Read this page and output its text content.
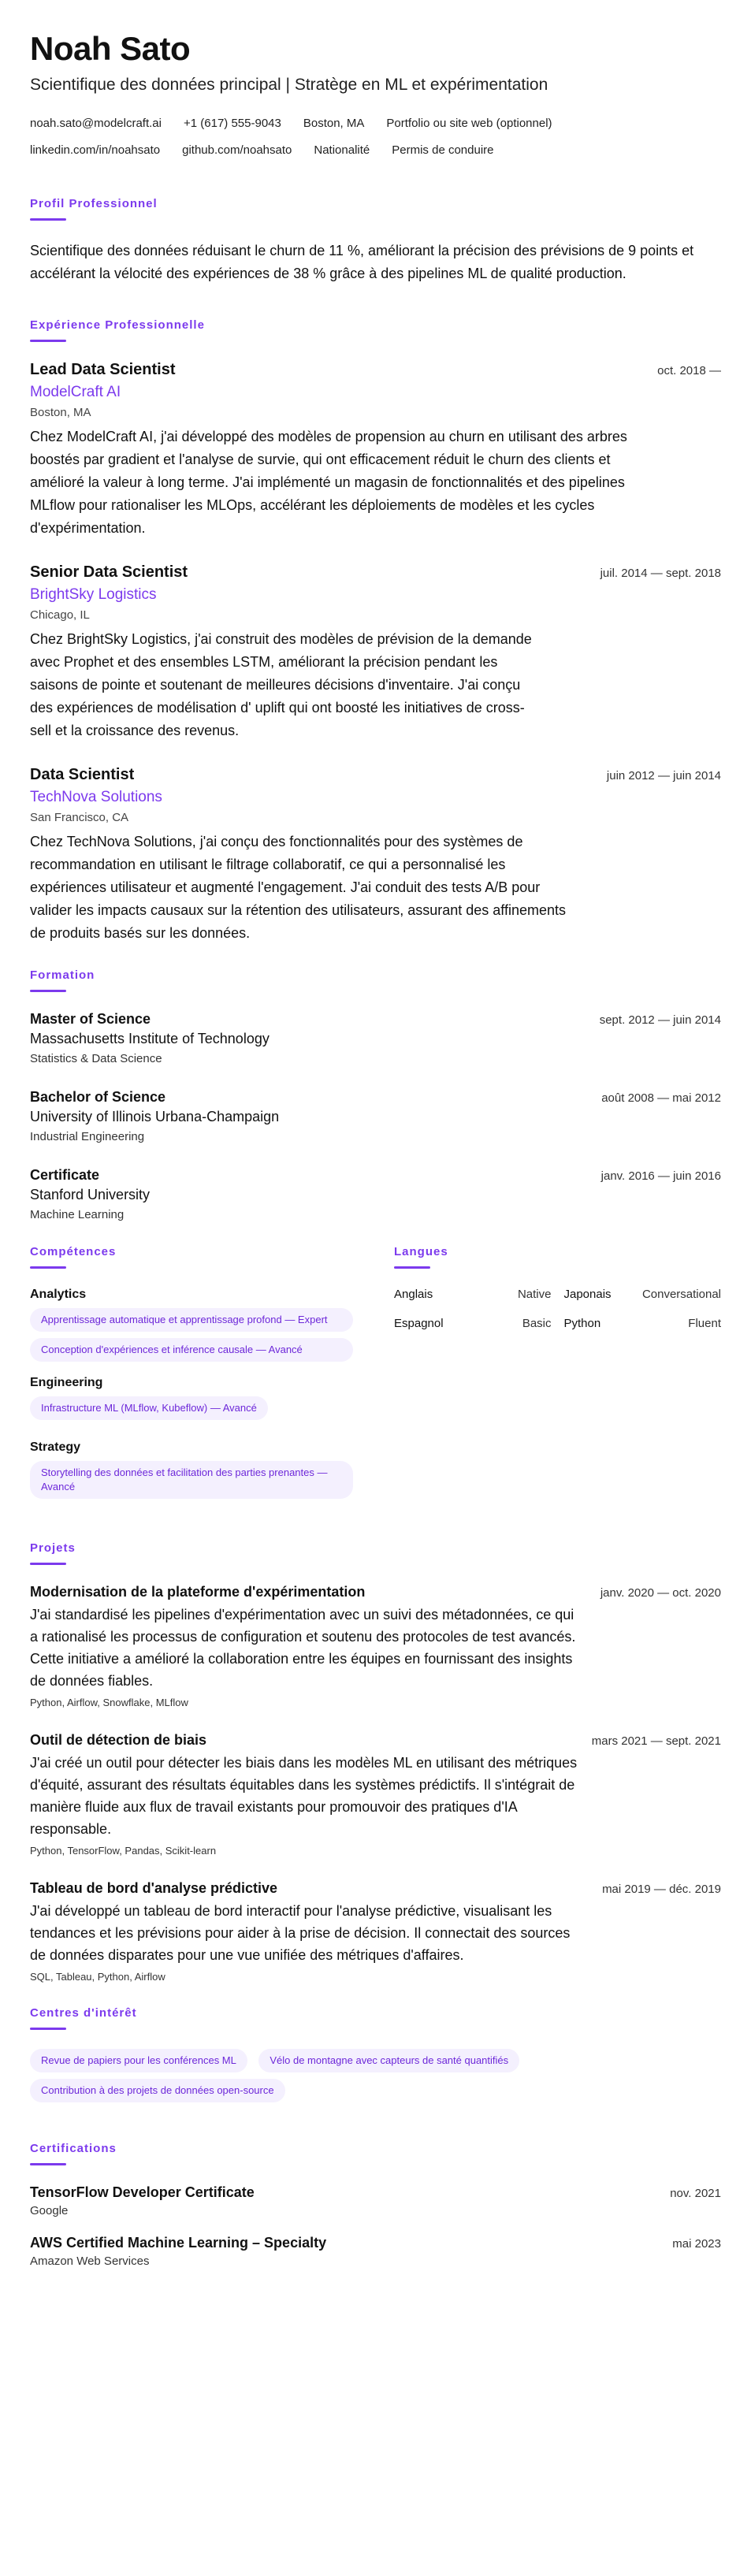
Noah Sato
Scientifique des données principal | Stratège en ML et expérimentation
noah.sato@modelcraft.ai +1 (617) 555-9043 Boston, MA Portfolio ou site web (optionnel)
linkedin.com/in/noahsato github.com/noahsato Nationalité Permis de conduire
Profil Professionnel
Scientifique des données réduisant le churn de 11 %, améliorant la précision des prévisions de 9 points et accélérant la vélocité des expériences de 38 % grâce à des pipelines ML de qualité production.
Expérience Professionnelle
Lead Data Scientist	oct. 2018 —
ModelCraft AI
Boston, MA
Chez ModelCraft AI, j'ai développé des modèles de propension au churn en utilisant des arbres boostés par gradient et l'analyse de survie, qui ont efficacement réduit le churn des clients et amélioré la valeur à long terme. J'ai implémenté un magasin de fonctionnalités et des pipelines MLflow pour rationaliser les MLOps, accélérant les déploiements de modèles et les cycles d'expérimentation.
Senior Data Scientist	juil. 2014 — sept. 2018
BrightSky Logistics
Chicago, IL
Chez BrightSky Logistics, j'ai construit des modèles de prévision de la demande avec Prophet et des ensembles LSTM, améliorant la précision pendant les saisons de pointe et soutenant de meilleures décisions d'inventaire. J'ai conçu des expériences de modélisation d' uplift qui ont boosté les initiatives de cross-sell et la croissance des revenus.
Data Scientist	juin 2012 — juin 2014
TechNova Solutions
San Francisco, CA
Chez TechNova Solutions, j'ai conçu des fonctionnalités pour des systèmes de recommandation en utilisant le filtrage collaboratif, ce qui a personnalisé les expériences utilisateur et augmenté l'engagement. J'ai conduit des tests A/B pour valider les impacts causaux sur la rétention des utilisateurs, assurant des affinements de produits basés sur les données.
Formation
Master of Science	sept. 2012 — juin 2014
Massachusetts Institute of Technology
Statistics & Data Science
Bachelor of Science	août 2008 — mai 2012
University of Illinois Urbana-Champaign
Industrial Engineering
Certificate	janv. 2016 — juin 2016
Stanford University
Machine Learning
Compétences
Analytics
Apprentissage automatique et apprentissage profond — Expert
Conception d'expériences et inférence causale — Avancé
Engineering
Infrastructure ML (MLflow, Kubeflow) — Avancé
Strategy
Storytelling des données et facilitation des parties prenantes — Avancé
Langues
Anglais	Native Japonais	Conversational
Espagnol	Basic Python	Fluent
Projets
Modernisation de la plateforme d'expérimentation	janv. 2020 — oct. 2020
J'ai standardisé les pipelines d'expérimentation avec un suivi des métadonnées, ce qui a rationalisé les processus de configuration et soutenu des protocoles de test avancés. Cette initiative a amélioré la collaboration entre les équipes en fournissant des insights de données fiables.
Python, Airflow, Snowflake, MLflow
Outil de détection de biais	mars 2021 — sept. 2021
J'ai créé un outil pour détecter les biais dans les modèles ML en utilisant des métriques d'équité, assurant des résultats équitables dans les systèmes prédictifs. Il s'intégrait de manière fluide aux flux de travail existants pour promouvoir des pratiques d'IA responsable.
Python, TensorFlow, Pandas, Scikit-learn
Tableau de bord d'analyse prédictive	mai 2019 — déc. 2019
J'ai développé un tableau de bord interactif pour l'analyse prédictive, visualisant les tendances et les prévisions pour aider à la prise de décision. Il connectait des sources de données disparates pour une vue unifiée des métriques d'affaires.
SQL, Tableau, Python, Airflow
Centres d'intérêt
Revue de papiers pour les conférences ML	Vélo de montagne avec capteurs de santé quantifiés Contribution à des projets de données open-source
Certifications
TensorFlow Developer Certificate	nov. 2021
Google
AWS Certified Machine Learning – Specialty	mai 2023
Amazon Web Services
